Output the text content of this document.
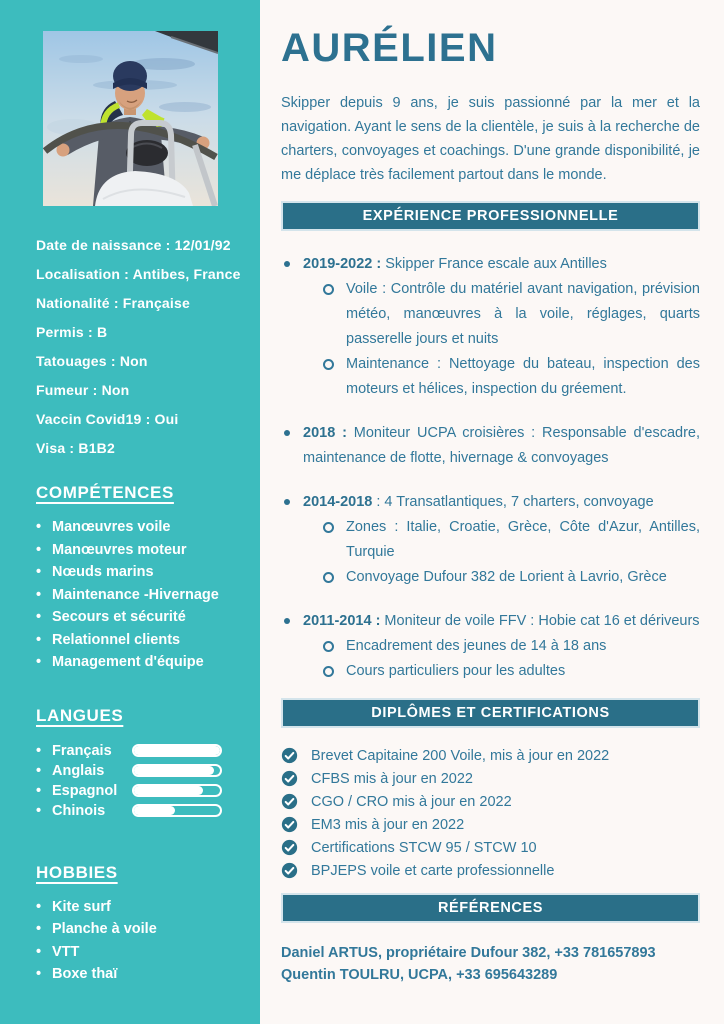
Date de naissance : 12/01/92
Localisation : Antibes, France
Nationalité : Française
Permis : B
Tatouages : Non
Fumeur : Non
Vaccin Covid19 : Oui
Visa : B1B2
COMPÉTENCES
• Manœuvres voile
• Manœuvres moteur
• Nœuds marins
• Maintenance -Hivernage
• Secours et sécurité
• Relationnel clients
• Management d'équipe
LANGUES
• Français
• Anglais
• Espagnol
• Chinois
HOBBIES
• Kite surf
• Planche à voile
• VTT
• Boxe thaï
AURÉLIEN

Skipper depuis 9 ans, je suis passionné par la mer et la navigation. Ayant le sens de la clientèle, je suis à la recherche de charters, convoyages et coachings. D'une grande disponibilité, je me déplace très facilement partout dans le monde.

EXPÉRIENCE PROFESSIONNELLE

2019-2022 : Skipper France escale aux Antilles

Voile : Contrôle du matériel avant navigation, prévision météo, manœuvres à la voile, réglages, quarts passerelle jours et nuits
Maintenance : Nettoyage du bateau, inspection des moteurs et hélices, inspection du gréement.

2018 : Moniteur UCPA croisières : Responsable d'escadre, maintenance de flotte, hivernage & convoyages

2014-2018 : 4 Transatlantiques, 7 charters, convoyage

Zones : Italie, Croatie, Grèce, Côte d'Azur, Antilles, Turquie
Convoyage Dufour 382 de Lorient à Lavrio, Grèce

2011-2014 : Moniteur de voile FFV : Hobie cat 16 et dériveurs

Encadrement des jeunes de 14 à 18 ans
Cours particuliers pour les adultes
DIPLÔMES ET CERTIFICATIONS
Brevet Capitaine 200 Voile, mis à jour en 2022
CFBS mis à jour en 2022
CGO / CRO mis à jour en 2022
EM3 mis à jour en 2022
Certifications STCW 95 / STCW 10
BPJEPS voile et carte professionnelle
RÉFÉRENCES
Daniel ARTUS, propriétaire Dufour 382, +33 781657893
Quentin TOULRU, UCPA, +33 695643289
